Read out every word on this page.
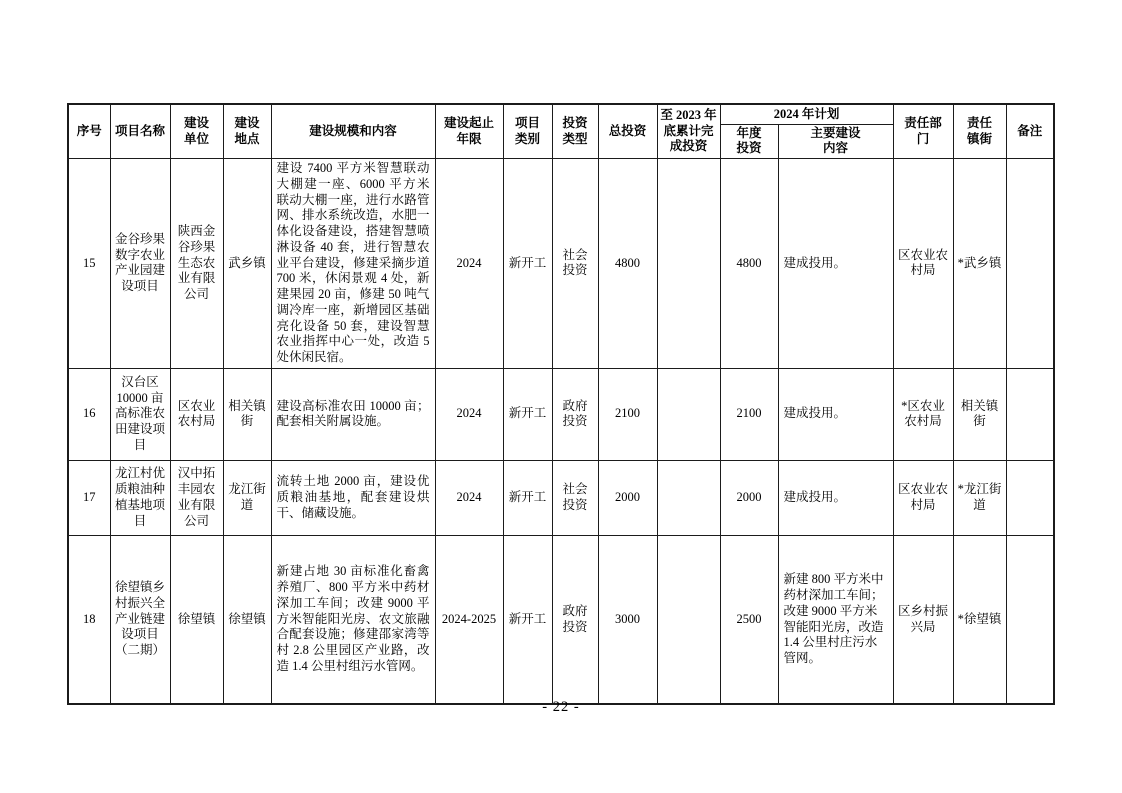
序号	项目名称	建设单位	建设地点	建设规模和内容	建设起止年限	项目类别	投资类型	总投资	至 2023 年底累计完成投资	2024 年计划		责任部门	责任镇街	备注
										年度投资	主要建设内容			
15	金谷珍果数字农业产业园建设项目	陕西金谷珍果生态农业有限公司	武乡镇	建设 7400 平方米智慧联动大棚建一座、6000 平方米联动大棚一座，进行水路管网、排水系统改造，水肥一体化设备建设，搭建智慧喷淋设备 40 套，进行智慧农业平台建设，修建采摘步道 700 米，休闲景观 4 处，新建果园 20 亩，修建 50 吨气调冷库一座，新增园区基础亮化设备 50 套，建设智慧农业指挥中心一处，改造 5 处休闲民宿。	2024	新开工	社会投资	4800		4800	建成投用。	区农业农村局	*武乡镇	
16	汉台区 10000 亩高标准农田建设项目	区农业农村局	相关镇街	建设高标准农田 10000 亩；配套相关附属设施。	2024	新开工	政府投资	2100		2100	建成投用。	*区农业农村局	相关镇街	
17	龙江村优质粮油种植基地项目	汉中拓丰园农业有限公司	龙江街道	流转土地 2000 亩，建设优质粮油基地，配套建设烘干、储藏设施。	2024	新开工	社会投资	2000		2000	建成投用。	区农业农村局	*龙江街道	
18	徐望镇乡村振兴全产业链建设项目（二期）	徐望镇	徐望镇	新建占地 30 亩标准化畜禽养殖厂、800 平方米中药材深加工车间；改建 9000 平方米智能阳光房、农文旅融合配套设施；修建邵家湾等村 2.8 公里园区产业路，改造 1.4 公里村组污水管网。	2024-2025	新开工	政府投资	3000		2500	新建 800 平方米中药材深加工车间；改建 9000 平方米智能阳光房，改造 1.4 公里村庄污水管网。	区乡村振兴局	*徐望镇	
- 22 -
